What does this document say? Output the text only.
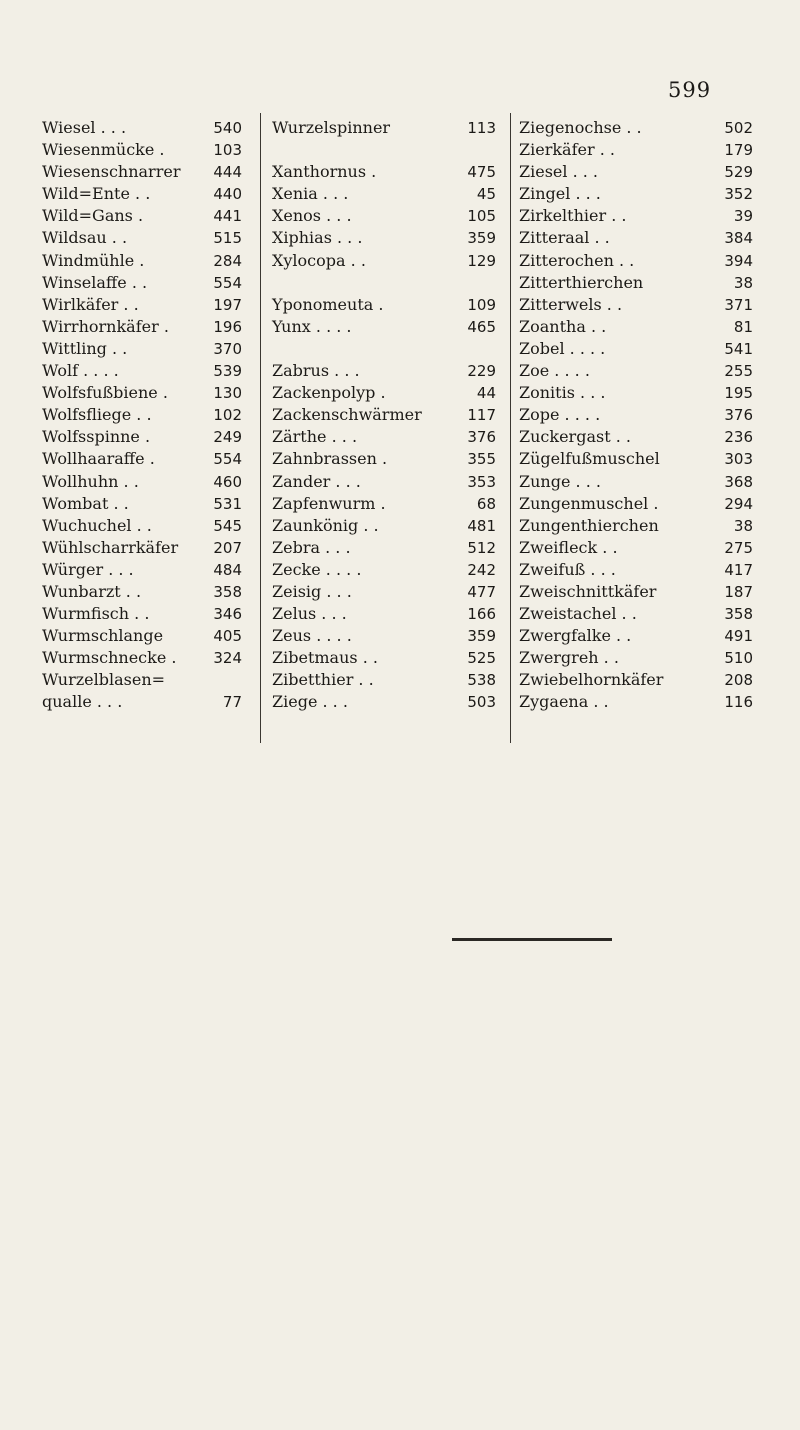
599
Wiesel . . .	540
Wiesenmücke .	103
Wiesenschnarrer 444
Wild=Ente . .	440
Wild=Gans .	441
Wildsau . .	515
Windmühle .	284
Winselaffe . .	554
Wirlkäfer . .	197
Wirrhornkäfer .	196
Wittling . .	370
Wolf . . . .	539
Wolfsfußbiene .	130
Wolfsfliege . .	102
Wolfsspinne .	249
Wollhaaraffe .	554
Wollhuhn . .	460
Wombat . .	531
Wuchuchel . .	545
Wühlscharrkäfer 207
Würger . . .	484
Wunbarzt . .	358
Wurmfisch . .	346
Wurmschlange	405
Wurmschnecke . 324
Wurzelblasen=
qualle . . .	77
Wurzelspinner	113
Xanthornus .	475
Xenia . . .	45
Xenos . . .	105
Xiphias . . .	359
Xylocopa . .	129
Yponomeuta .	109
Yunx . . . .	465
Zabrus . . .	229
Zackenpolyp .	44
Zackenschwärmer	117
Zärthe . . .	376
Zahnbrassen .	355
Zander . . .	353
Zapfenwurm .	68
Zaunkönig . .	481
Zebra . . .	512
Zecke . . . .	242
Zeisig . . .	477
Zelus . . .	166
Zeus . . . .	359
Zibetmaus . .	525
Zibetthier . .	538
Ziege . . .	503
Ziegenochse . .	502
Zierkäfer . .	179
Ziesel . . .	529
Zingel . . .	352
Zirkelthier . .	39
Zitteraal . .	384
Zitterochen . .	394
Zitterthierchen	38
Zitterwels . .	371
Zoantha . .	81
Zobel . . . .	541
Zoe . . . .	255
Zonitis . . .	195
Zope . . . .	376
Zuckergast . .	236
Zügelfußmuschel	303
Zunge . . .	368
Zungenmuschel .	294
Zungenthierchen	38
Zweifleck . .	275
Zweifuß . . .	417
Zweischnittkäfer	187
Zweistachel . .	358
Zwergfalke . .	491
Zwergreh . .	510
Zwiebelhornkäfer	208
Zygaena . .	116
